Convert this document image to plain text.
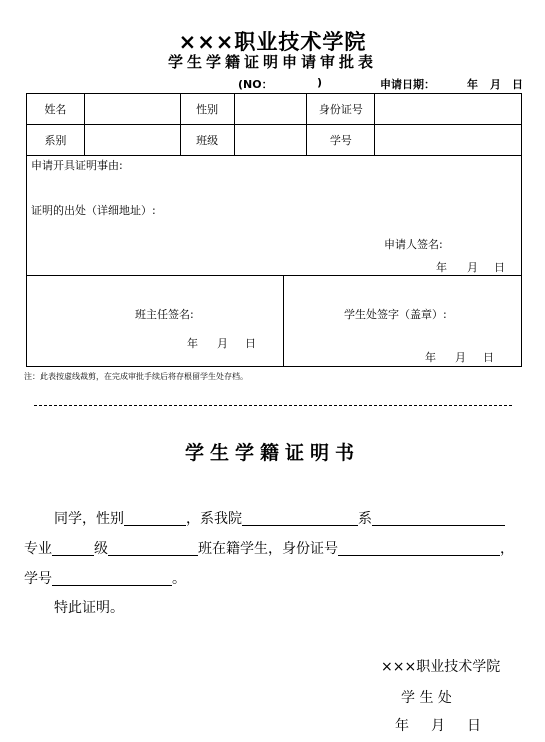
×××职业技术学院
学生学籍证明申请审批表
(NO：	)	申请日期：	年 月 日
姓名		性别		身份证号	
系别		班级		学号	
申请开具证明事由:
证明的出处（详细地址）:
申请人签名:
年 月 日
班主任签名:
年 月 日
学生处签字（盖章）:
年 月 日
注：此表按虚线裁剪，在完成审批手续后将存根留学生处存档。
学生学籍证明书
同学，性别	，系我院	系
专业	级	班在籍学生，身份证号	，
学号	。
特此证明。
×××职业技术学院
学 生 处
年 月 日
